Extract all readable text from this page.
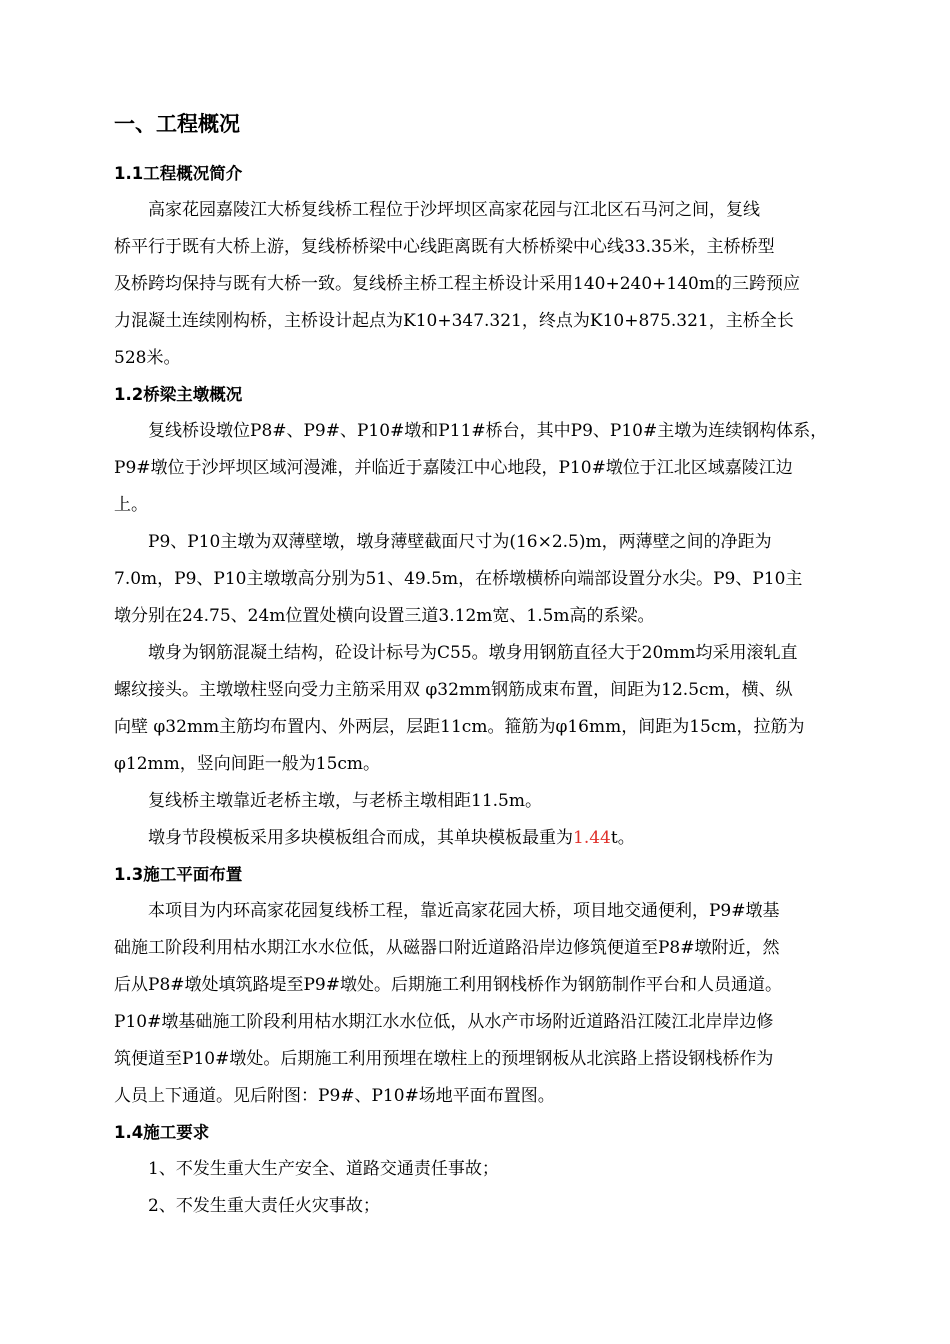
一、工程概况
1.1工程概况简介
高家花园嘉陵江大桥复线桥工程位于沙坪坝区高家花园与江北区石马河之间，复线
桥平行于既有大桥上游，复线桥桥梁中心线距离既有大桥桥梁中心线33.35米，主桥桥型
及桥跨均保持与既有大桥一致。复线桥主桥工程主桥设计采用140+240+140m的三跨预应
力混凝土连续刚构桥，主桥设计起点为K10+347.321，终点为K10+875.321，主桥全长
528米。
1.2桥梁主墩概况
复线桥设墩位P8#、P9#、P10#墩和P11#桥台，其中P9、P10#主墩为连续钢构体系，
P9#墩位于沙坪坝区域河漫滩，并临近于嘉陵江中心地段，P10#墩位于江北区域嘉陵江边
上。
P9、P10主墩为双薄壁墩，墩身薄壁截面尺寸为(16×2.5)m，两薄壁之间的净距为
7.0m，P9、P10主墩墩高分别为51、49.5m，在桥墩横桥向端部设置分水尖。P9、P10主
墩分别在24.75、24m位置处横向设置三道3.12m宽、1.5m高的系梁。
墩身为钢筋混凝土结构，砼设计标号为C55。墩身用钢筋直径大于20mm均采用滚轧直
螺纹接头。主墩墩柱竖向受力主筋采用双 φ32mm钢筋成束布置，间距为12.5cm，横、纵
向壁 φ32mm主筋均布置内、外两层，层距11cm。箍筋为φ16mm，间距为15cm，拉筋为
φ12mm，竖向间距一般为15cm。
复线桥主墩靠近老桥主墩，与老桥主墩相距11.5m。
墩身节段模板采用多块模板组合而成，其单块模板最重为1.44t。
1.3施工平面布置
本项目为内环高家花园复线桥工程，靠近高家花园大桥，项目地交通便利，P9#墩基
础施工阶段利用枯水期江水水位低，从磁器口附近道路沿岸边修筑便道至P8#墩附近，然
后从P8#墩处填筑路堤至P9#墩处。后期施工利用钢栈桥作为钢筋制作平台和人员通道。
P10#墩基础施工阶段利用枯水期江水水位低，从水产市场附近道路沿江陵江北岸岸边修
筑便道至P10#墩处。后期施工利用预埋在墩柱上的预埋钢板从北滨路上搭设钢栈桥作为
人员上下通道。见后附图：P9#、P10#场地平面布置图。
1.4施工要求
1、不发生重大生产安全、道路交通责任事故；
2、不发生重大责任火灾事故；
